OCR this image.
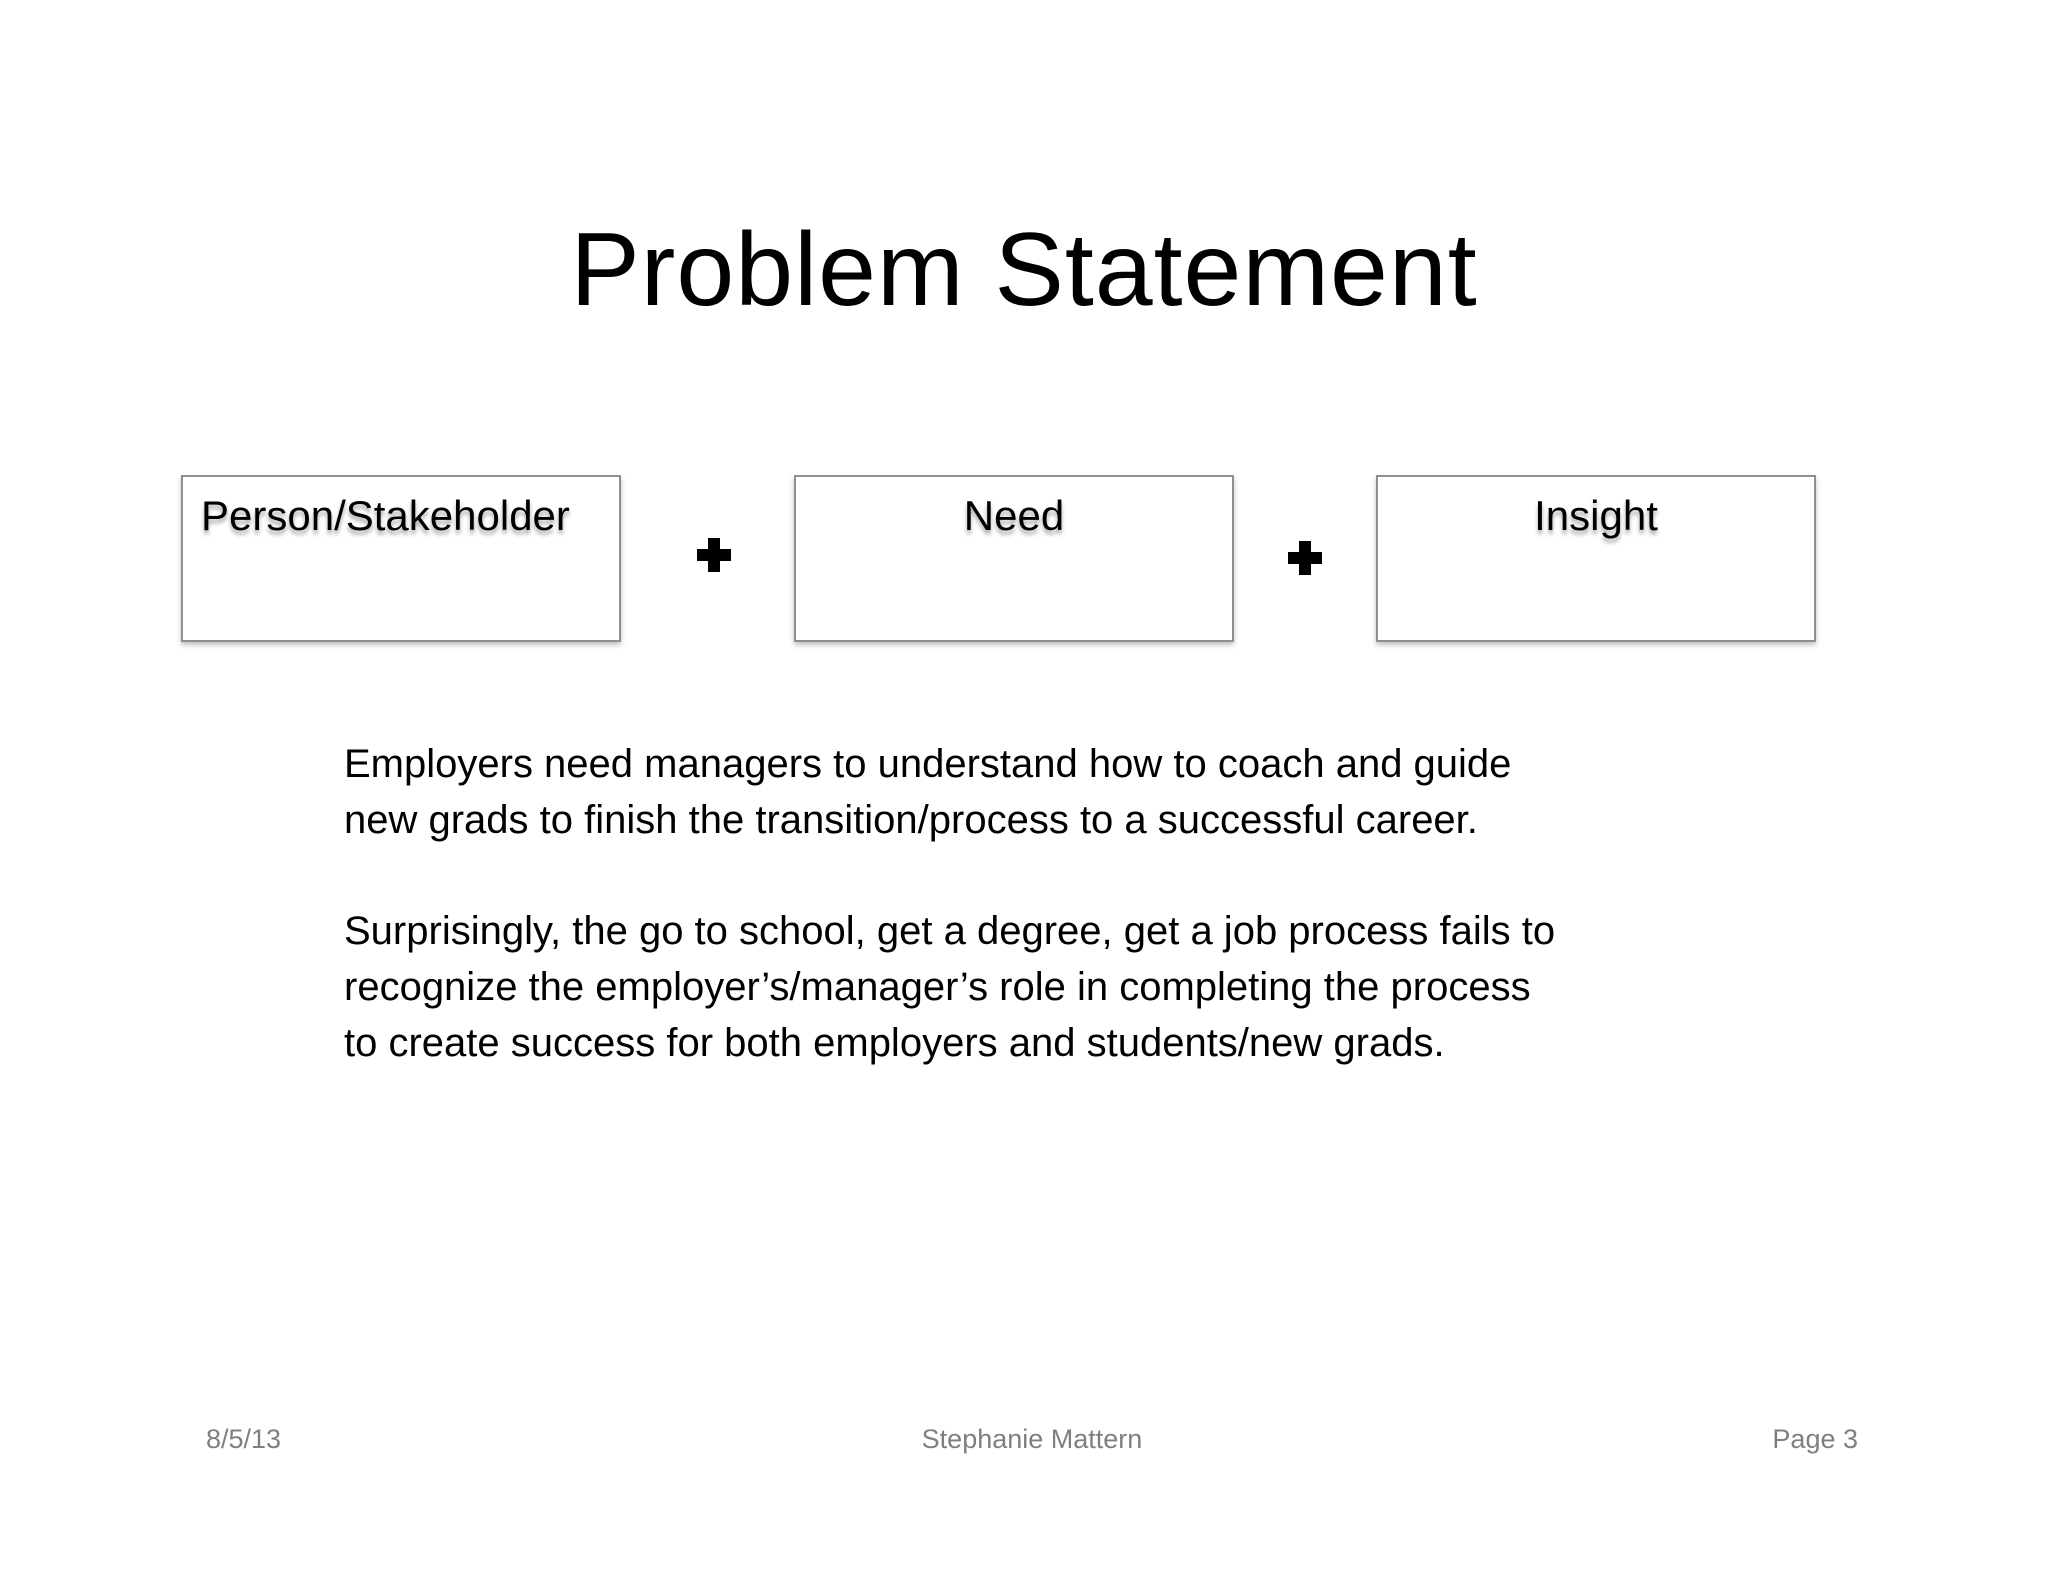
Problem Statement
Person/Stakeholder	Need	Insight
Employers need managers to understand how to coach and guide
new grads to finish the transition/process to a successful career.
Surprisingly, the go to school, get a degree, get a job process fails to
recognize the employer’s/manager’s role in completing the process
to create success for both employers and students/new grads.
8/5/13	Stephanie Mattern	Page 3
